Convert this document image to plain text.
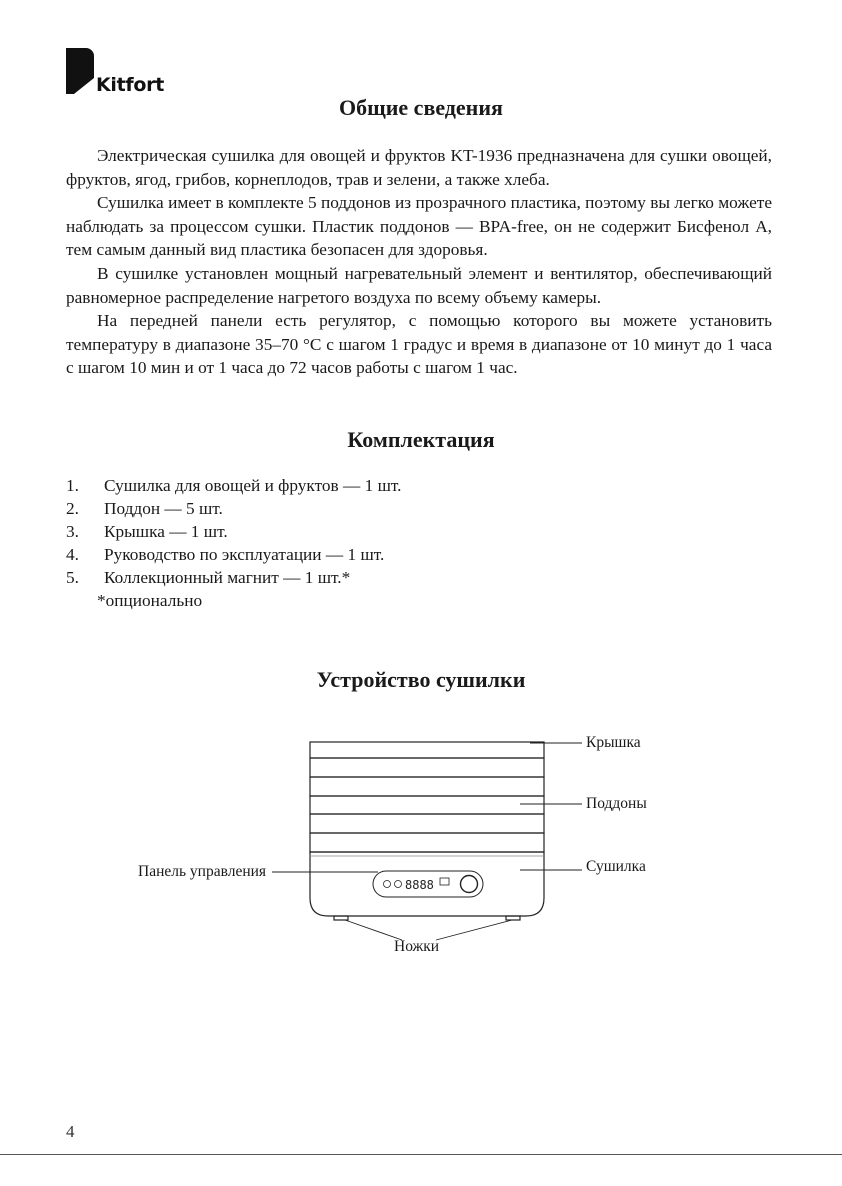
Kitfort
Общие сведения

Электрическая сушилка для овощей и фруктов KT-1936 предназначена для сушки овощей, фруктов, ягод, грибов, корнеплодов, трав и зелени, а также хлеба.

Сушилка имеет в комплекте 5 поддонов из прозрачного пластика, поэтому вы легко можете наблюдать за процессом сушки. Пластик поддонов — BPA-free, он не содержит Бисфенол А, тем самым данный вид пластика безопасен для здоровья.

В сушилке установлен мощный нагревательный элемент и вентилятор, обеспечивающий равномерное распределение нагретого воздуха по всему объему камеры.

На передней панели есть регулятор, с помощью которого вы можете установить температуру в диапазоне 35–70 °С с шагом 1 градус и время в диапазоне от 10 минут до 1 часа с шагом 10 мин и от 1 часа до 72 часов работы с шагом 1 час.

Комплектация
1. Сушилка для овощей и фруктов — 1 шт.
2. Поддон — 5 шт.
3. Крышка — 1 шт.
4. Руководство по эксплуатации — 1 шт.
5. Коллекционный магнит — 1 шт.*
*опционально
Устройство сушилки
8888
Крышка
Поддоны
Сушилка
Панель управления
Ножки
4
